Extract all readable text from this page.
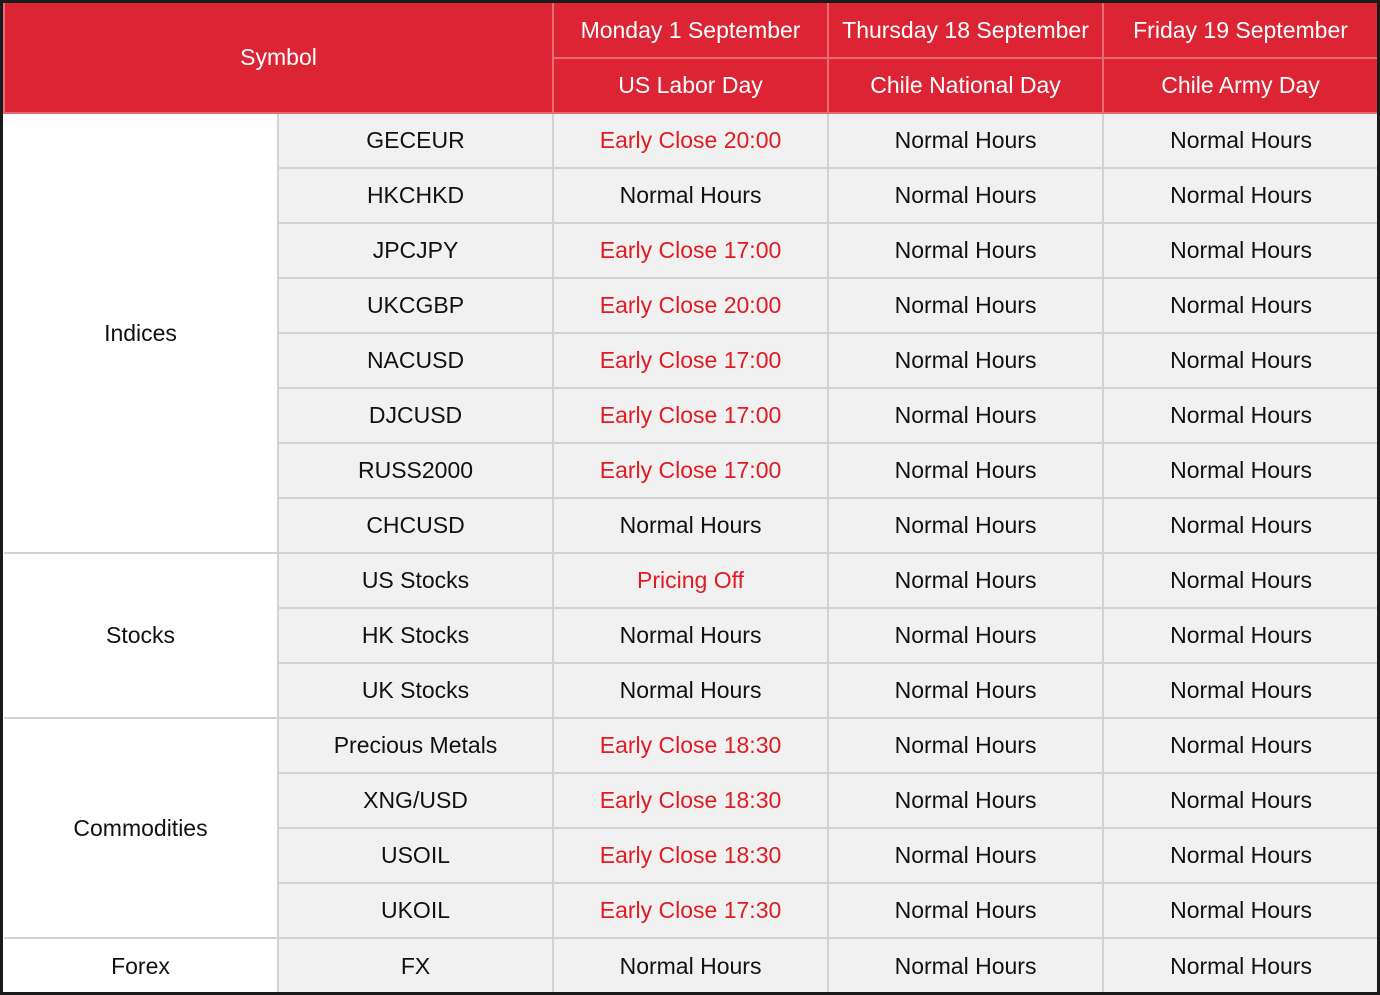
Symbol		Monday 1 September	Thursday 18 September	Friday 19 September
		US Labor Day	Chile National Day	Chile Army Day
Indices	GECEUR	Early Close 20:00	Normal Hours	Normal Hours
	HKCHKD	Normal Hours	Normal Hours	Normal Hours
	JPCJPY	Early Close 17:00	Normal Hours	Normal Hours
	UKCGBP	Early Close 20:00	Normal Hours	Normal Hours
	NACUSD	Early Close 17:00	Normal Hours	Normal Hours
	DJCUSD	Early Close 17:00	Normal Hours	Normal Hours
	RUSS2000	Early Close 17:00	Normal Hours	Normal Hours
	CHCUSD	Normal Hours	Normal Hours	Normal Hours
Stocks	US Stocks	Pricing Off	Normal Hours	Normal Hours
	HK Stocks	Normal Hours	Normal Hours	Normal Hours
	UK Stocks	Normal Hours	Normal Hours	Normal Hours
Commodities	Precious Metals	Early Close 18:30	Normal Hours	Normal Hours
	XNG/USD	Early Close 18:30	Normal Hours	Normal Hours
	USOIL	Early Close 18:30	Normal Hours	Normal Hours
	UKOIL	Early Close 17:30	Normal Hours	Normal Hours
Forex	FX	Normal Hours	Normal Hours	Normal Hours
